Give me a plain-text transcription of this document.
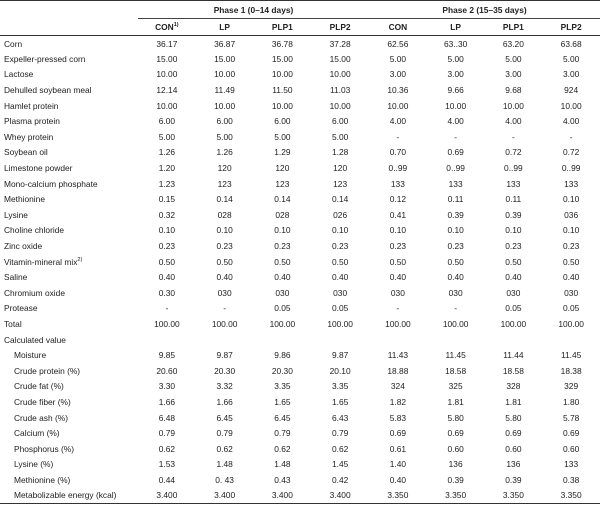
	Phase 1 (0–14 days)				Phase 2 (15–35 days)			
	CON$^{1)}$	LP	PLP1	PLP2	CON	LP	PLP1	PLP2
Corn	36.17	36.87	36.78	37.28	62.56	63..30	63.20	63.68
Expeller-pressed corn	15.00	15.00	15.00	15.00	5.00	5.00	5.00	5.00
Lactose	10.00	10.00	10.00	10.00	3.00	3.00	3.00	3.00
Dehulled soybean meal	12.14	11.49	11.50	11.03	10.36	9.66	9.68	924
Hamlet protein	10.00	10.00	10.00	10.00	10.00	10.00	10.00	10.00
Plasma protein	6.00	6.00	6.00	6.00	4.00	4.00	4.00	4.00
Whey protein	5.00	5.00	5.00	5.00	-	-	-	-
Soybean oil	1.26	1.26	1.29	1.28	0.70	0.69	0.72	0.72
Limestone powder	1.20	120	120	120	0..99	0..99	0..99	0..99
Mono-calcium phosphate	1.23	123	123	123	133	133	133	133
Methionine	0.15	0.14	0.14	0.14	0.12	0.11	0.11	0.10
Lysine	0.32	028	028	026	0.41	0.39	0.39	036
Choline chloride	0.10	0.10	0.10	0.10	0.10	0.10	0.10	0.10
Zinc oxide	0.23	0.23	0.23	0.23	0.23	0.23	0.23	0.23
Vitamin-mineral mix$^{2)}$	0.50	0.50	0.50	0.50	0.50	0.50	0.50	0.50
Saline	0.40	0.40	0.40	0.40	0.40	0.40	0.40	0.40
Chromium oxide	0.30	030	030	030	030	030	030	030
Protease	-	-	0.05	0.05	-	-	0.05	0.05
Total	100.00	100.00	100.00	100.00	100.00	100.00	100.00	100.00
Calculated value								
Moisture	9.85	9.87	9.86	9.87	11.43	11.45	11.44	11.45
Crude protein (%)	20.60	20.30	20.30	20.10	18.88	18.58	18.58	18.38
Crude fat (%)	3.30	3.32	3.35	3.35	324	325	328	329
Crude fiber (%)	1.66	1.66	1.65	1.65	1.82	1.81	1.81	1.80
Crude ash (%)	6.48	6.45	6.45	6.43	5.83	5.80	5.80	5.78
Calcium (%)	0.79	0.79	0.79	0.79	0.69	0.69	0.69	0.69
Phosphorus (%)	0.62	0.62	0.62	0.62	0.61	0.60	0.60	0.60
Lysine (%)	1.53	1.48	1.48	1.45	1.40	136	136	133
Methionine (%)	0.44	0. 43	0.43	0.42	0.40	0.39	0.39	0.38
Metabolizable energy (kcal)	3.400	3.400	3.400	3.400	3.350	3.350	3.350	3.350
